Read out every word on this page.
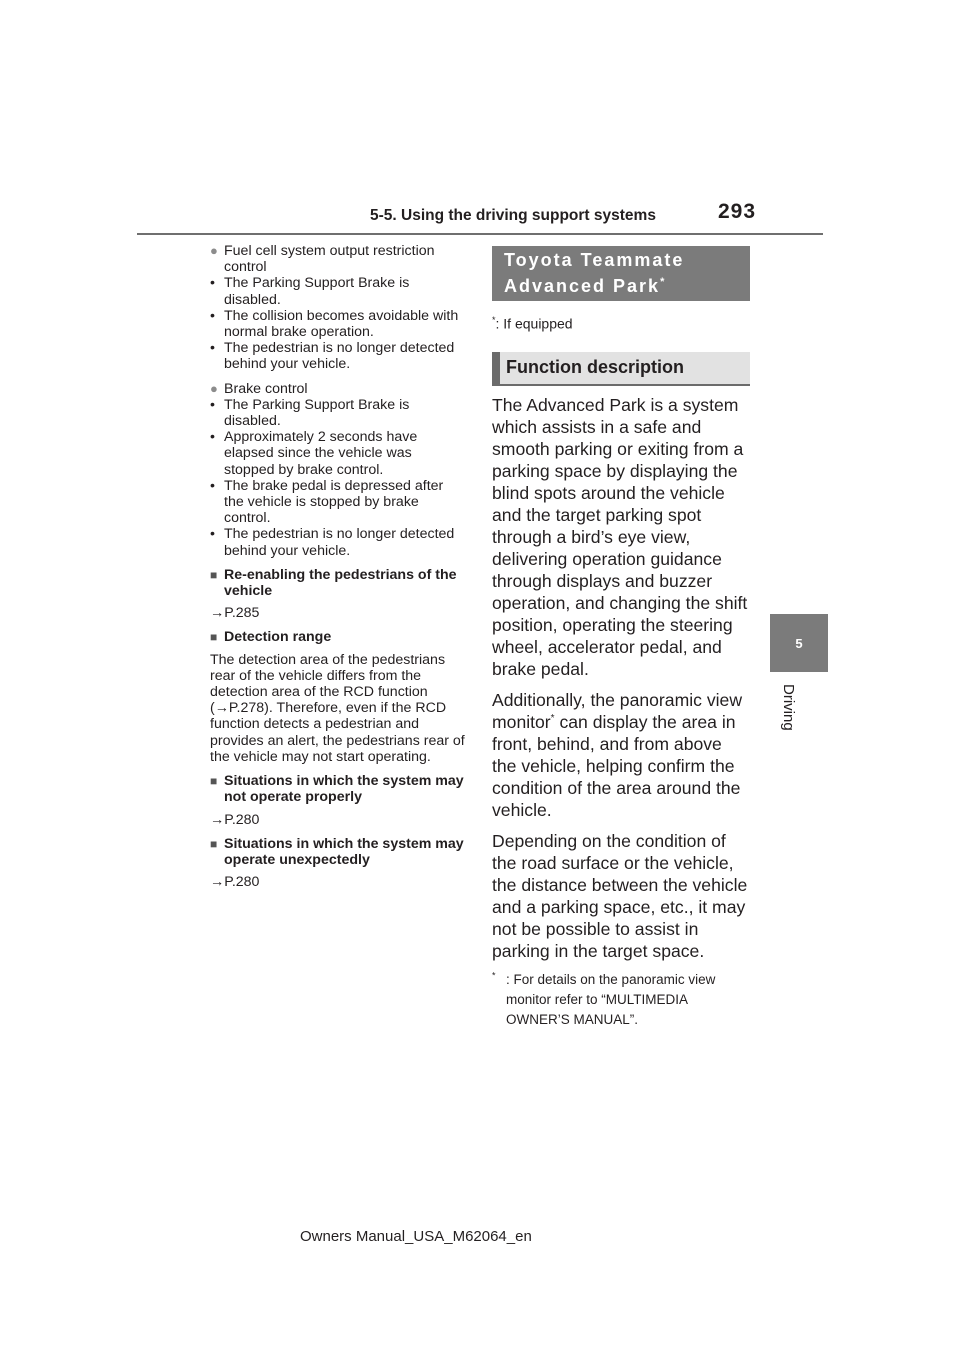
5-5. Using the driving support systems	293
5
Driving
● Fuel cell system output restriction control
• The Parking Support Brake is disabled.
• The collision becomes avoidable with normal brake operation.
• The pedestrian is no longer detected behind your vehicle.
● Brake control
• The Parking Support Brake is disabled.
• Approximately 2 seconds have elapsed since the vehicle was stopped by brake control.
• The brake pedal is depressed after the vehicle is stopped by brake control.
• The pedestrian is no longer detected behind your vehicle.
■ Re-enabling the pedestrians of the vehicle
→P.285
■ Detection range
The detection area of the pedestrians rear of the vehicle differs from the detection area of the RCD function (→P.278). Therefore, even if the RCD function detects a pedestrian and provides an alert, the pedestrians rear of the vehicle may not start operating.
■ Situations in which the system may not operate properly
→P.280
■ Situations in which the system may operate unexpectedly
→P.280
Toyota Teammate Advanced Park*
*: If equipped
Function description
The Advanced Park is a system which assists in a safe and smooth parking or exiting from a parking space by displaying the blind spots around the vehicle and the target parking spot through a bird’s eye view, delivering operation guidance through displays and buzzer operation, and changing the shift position, operating the steering wheel, accelerator pedal, and brake pedal.
Additionally, the panoramic view monitor* can display the area in front, behind, and from above the vehicle, helping confirm the condition of the area around the vehicle.
Depending on the condition of the road surface or the vehicle, the distance between the vehicle and a parking space, etc., it may not be possible to assist in parking in the target space.
* : For details on the panoramic view monitor refer to “MULTIMEDIA OWNER’S MANUAL”.
Owners Manual_USA_M62064_en
